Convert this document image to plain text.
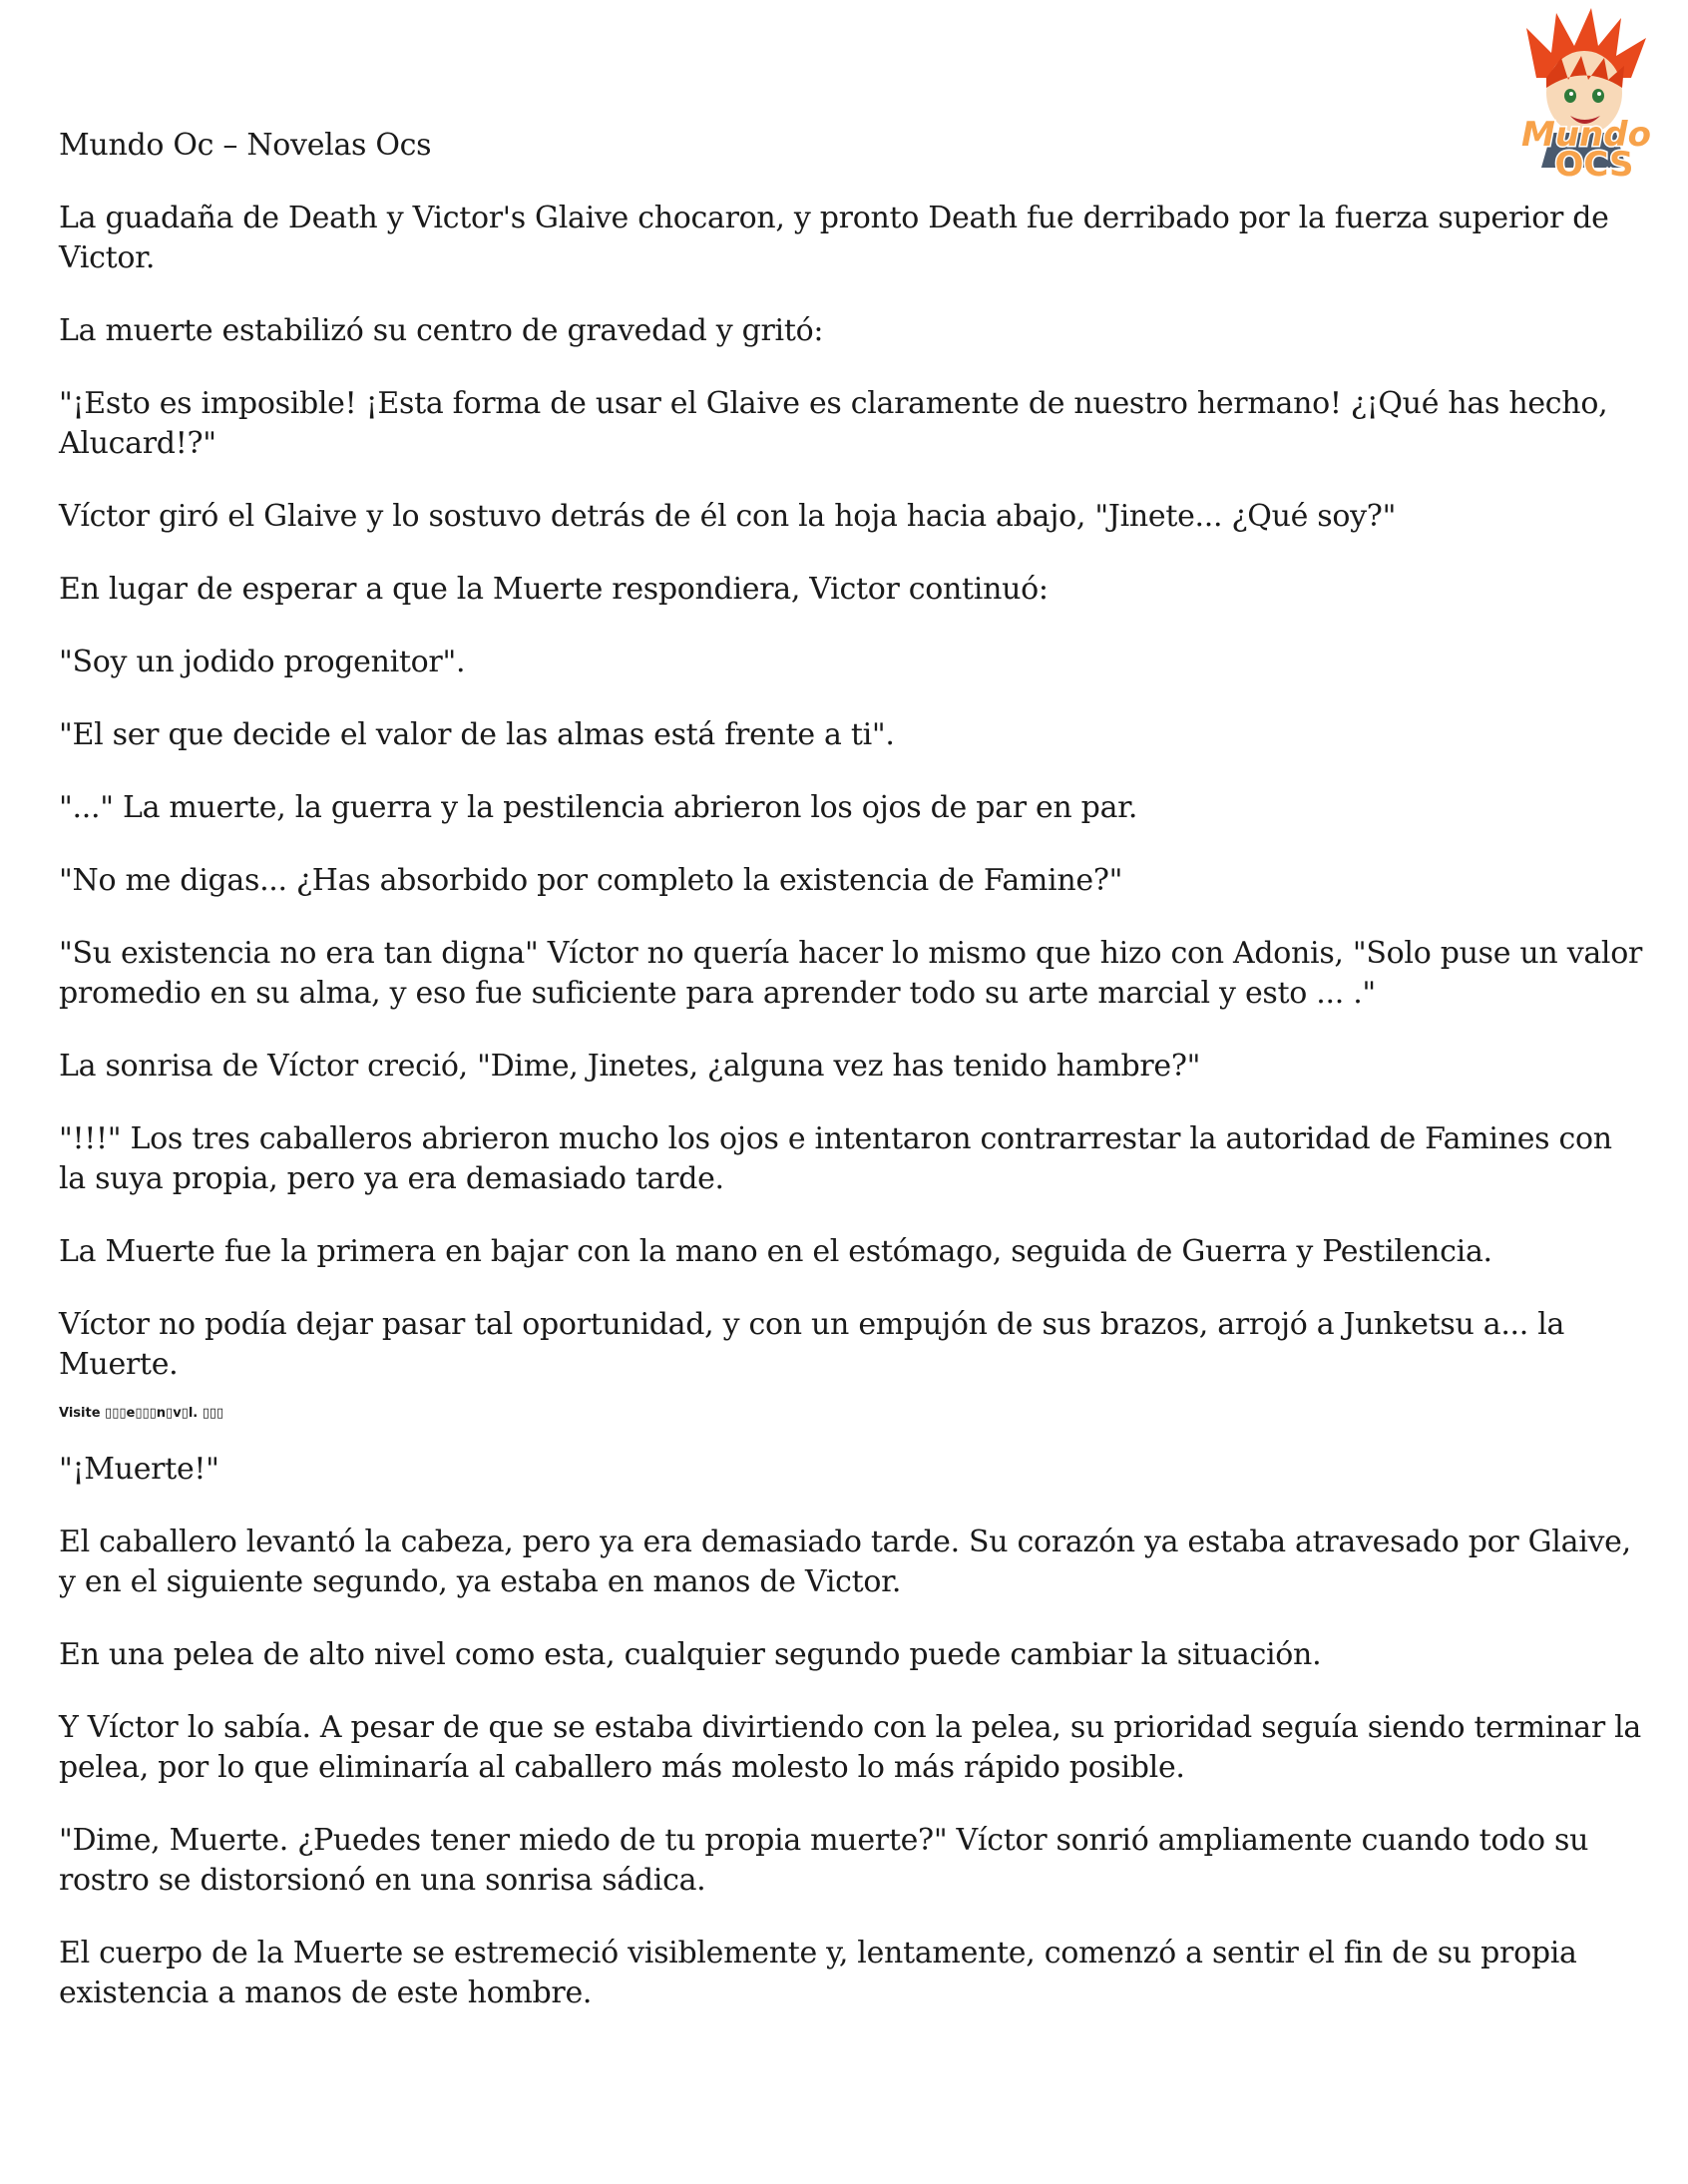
Mundo
OCS

Mundo Oc – Novelas Ocs

La guadaña de Death y Victor's Glaive chocaron, y pronto Death fue derribado por la fuerza superior de Victor.

La muerte estabilizó su centro de gravedad y gritó:

"¡Esto es imposible! ¡Esta forma de usar el Glaive es claramente de nuestro hermano! ¿¡Qué has hecho, Alucard!?"

Víctor giró el Glaive y lo sostuvo detrás de él con la hoja hacia abajo, "Jinete... ¿Qué soy?"

En lugar de esperar a que la Muerte respondiera, Victor continuó:

"Soy un jodido progenitor".

"El ser que decide el valor de las almas está frente a ti".

"..." La muerte, la guerra y la pestilencia abrieron los ojos de par en par.

"No me digas... ¿Has absorbido por completo la existencia de Famine?"

"Su existencia no era tan digna" Víctor no quería hacer lo mismo que hizo con Adonis, "Solo puse un valor promedio en su alma, y eso fue suficiente para aprender todo su arte marcial y esto ... ."

La sonrisa de Víctor creció, "Dime, Jinetes, ¿alguna vez has tenido hambre?"

"!!!" Los tres caballeros abrieron mucho los ojos e intentaron contrarrestar la autoridad de Famines con la suya propia, pero ya era demasiado tarde.

La Muerte fue la primera en bajar con la mano en el estómago, seguida de Guerra y Pestilencia.

Víctor no podía dejar pasar tal oportunidad, y con un empujón de sus brazos, arrojó a Junketsu a... la Muerte.

Visite ▯▯▯e▯▯▯n▯v▯l. ▯▯▯

"¡Muerte!"

El caballero levantó la cabeza, pero ya era demasiado tarde. Su corazón ya estaba atravesado por Glaive, y en el siguiente segundo, ya estaba en manos de Victor.

En una pelea de alto nivel como esta, cualquier segundo puede cambiar la situación.

Y Víctor lo sabía. A pesar de que se estaba divirtiendo con la pelea, su prioridad seguía siendo terminar la pelea, por lo que eliminaría al caballero más molesto lo más rápido posible.

"Dime, Muerte. ¿Puedes tener miedo de tu propia muerte?" Víctor sonrió ampliamente cuando todo su rostro se distorsionó en una sonrisa sádica.

El cuerpo de la Muerte se estremeció visiblemente y, lentamente, comenzó a sentir el fin de su propia existencia a manos de este hombre.
